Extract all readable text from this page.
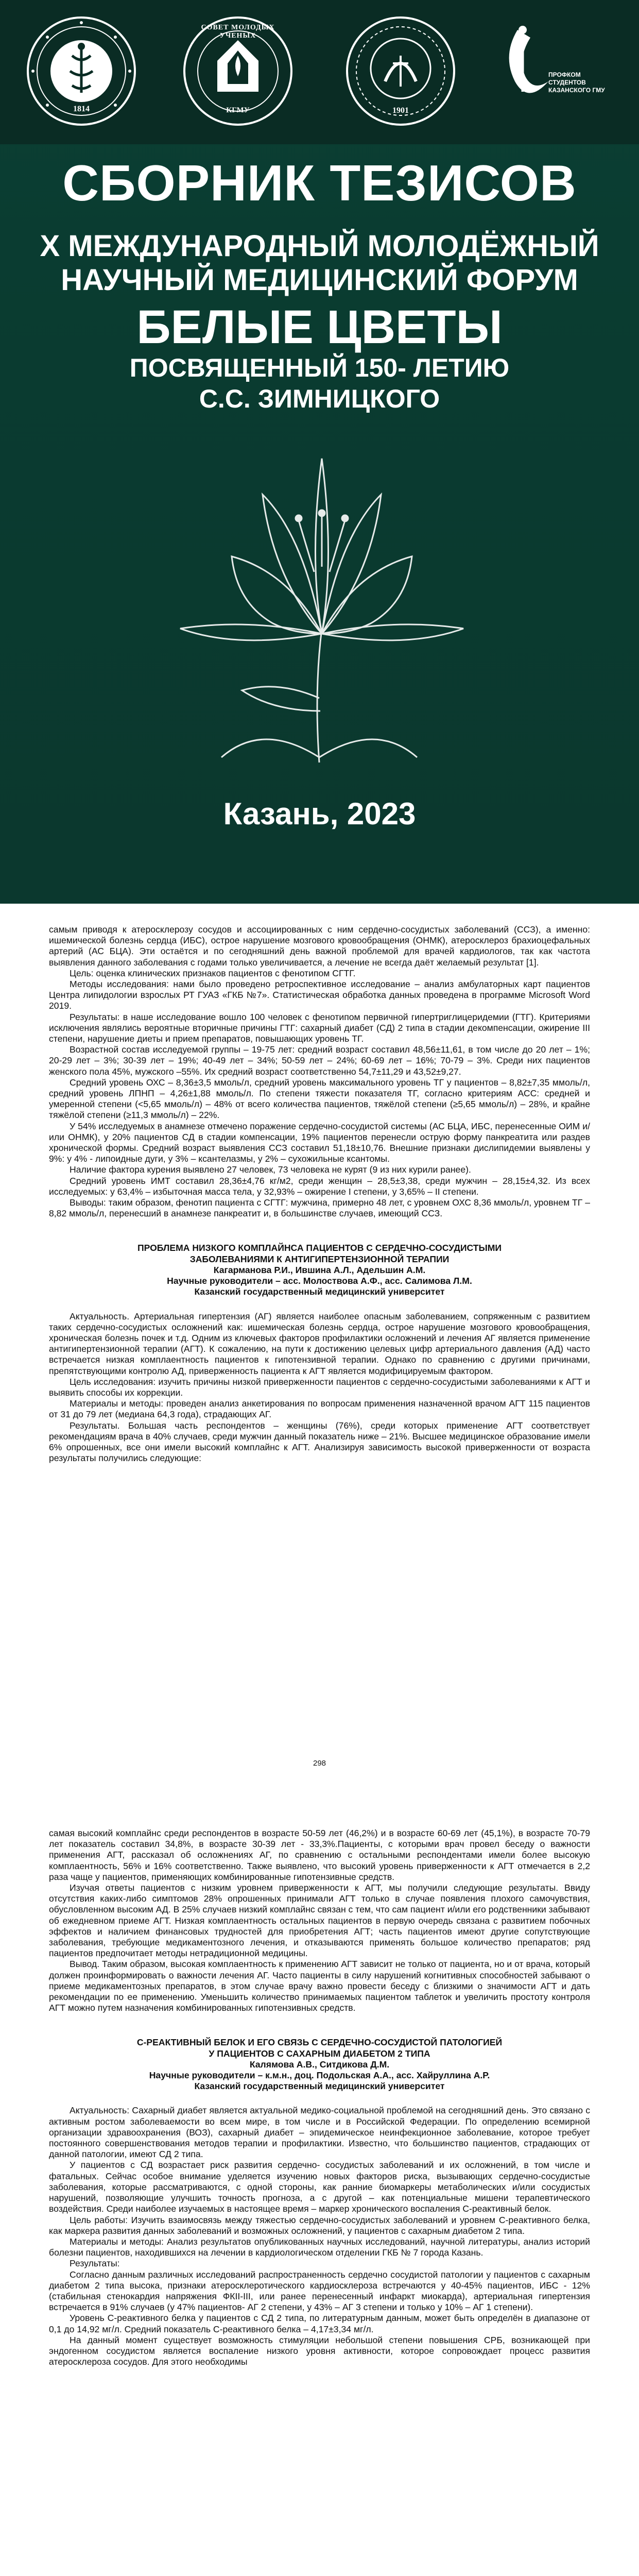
1814
СОВЕТ МОЛОДЫХ УЧЕНЫХ
КГМУ	1901
ПРОФКОМ СТУДЕНТОВ КАЗАНСКОГО ГМУ
СБОРНИК ТЕЗИСОВ
X МЕЖДУНАРОДНЫЙ МОЛОДЁЖНЫЙ
НАУЧНЫЙ МЕДИЦИНСКИЙ ФОРУМ
БЕЛЫЕ ЦВЕТЫ
ПОСВЯЩЕННЫЙ 150- ЛЕТИЮ
С.С. ЗИМНИЦКОГО
Казань, 2023

самым приводя к атеросклерозу сосудов и ассоциированных с ним сердечно-сосудистых заболеваний (ССЗ), а именно: ишемической болезнь сердца (ИБС), острое нарушение мозгового кровообращения (ОНМК), атеросклероз брахиоцефальных артерий (АС БЦА). Эти остаётся и по сегодняшний день важной проблемой для врачей кардиологов, так как частота выявления данного заболевания с годами только увеличивается, а лечение не всегда даёт желаемый результат [1].

Цель: оценка клинических признаков пациентов с фенотипом СГТГ.

Методы исследования: нами было проведено ретроспективное исследование – анализ амбулаторных карт пациентов Центра липидологии взрослых РТ ГУАЗ «ГКБ №7». Статистическая обработка данных проведена в программе Microsoft Word 2019.

Результаты: в наше исследование вошло 100 человек с фенотипом первичной гипертриглицеридемии (ГТГ). Критериями исключения являлись вероятные вторичные причины ГТГ: сахарный диабет (СД) 2 типа в стадии декомпенсации, ожирение III степени, нарушение диеты и прием препаратов, повышающих уровень ТГ.

Возрастной состав исследуемой группы – 19-75 лет: средний возраст составил 48,56±11,61, в том числе до 20 лет – 1%; 20-29 лет – 3%; 30-39 лет – 19%; 40-49 лет – 34%; 50-59 лет – 24%; 60-69 лет – 16%; 70-79 – 3%. Среди них пациентов женского пола 45%, мужского –55%. Их средний возраст соответственно 54,7±11,29 и 43,52±9,27.

Средний уровень ОХС – 8,36±3,5 ммоль/л, средний уровень максимального уровень ТГ у пациентов – 8,82±7,35 ммоль/л, средний уровень ЛПНП – 4,26±1,88 ммоль/л. По степени тяжести показателя ТГ, согласно критериям АСС: средней и умеренной степени (<5,65 ммоль/л) – 48% от всего количества пациентов, тяжёлой степени (≥5,65 ммоль/л) – 28%, и крайне тяжёлой степени (≥11,3 ммоль/л) – 22%.

У 54% исследуемых в анамнезе отмечено поражение сердечно-сосудистой системы (АС БЦА, ИБС, перенесенные ОИМ и/или ОНМК), у 20% пациентов СД в стадии компенсации, 19% пациентов перенесли острую форму панкреатита или раздев хронической формы. Средний возраст выявления ССЗ составил 51,18±10,76. Внешние признаки дислипидемии выявлены у 9%: у 4% - липоидные дуги, у 3% – ксантелазмы, у 2% – сухожильные ксантомы.

Наличие фактора курения выявлено 27 человек, 73 человека не курят (9 из них курили ранее).

Средний уровень ИМТ составил 28,36±4,76 кг/м2, среди женщин – 28,5±3,38, среди мужчин – 28,15±4,32. Из всех исследуемых: у 63,4% – избыточная масса тела, у 32,93% – ожирение I степени, у 3,65% – II степени.

Выводы: таким образом, фенотип пациента с СГТГ: мужчина, примерно 48 лет, с уровнем ОХС 8,36 ммоль/л, уровнем ТГ – 8,82 ммоль/л, перенесший в анамнезе панкреатит и, в большинстве случаев, имеющий ССЗ.

ПРОБЛЕМА НИЗКОГО КОМПЛАЙНСА ПАЦИЕНТОВ С СЕРДЕЧНО-СОСУДИСТЫМИ

ЗАБОЛЕВАНИЯМИ К АНТИГИПЕРТЕНЗИОННОЙ ТЕРАПИИ

Кагарманова Р.И., Ившина А.Л., Адельшин А.М.

Научные руководители – асс. Молоствова А.Ф., асс. Салимова Л.М.

Казанский государственный медицинский университет

Актуальность. Артериальная гипертензия (АГ) является наиболее опасным заболеванием, сопряженным с развитием таких сердечно-сосудистых осложнений как: ишемическая болезнь сердца, острое нарушение мозгового кровообращения, хроническая болезнь почек и т.д. Одним из ключевых факторов профилактики осложнений и лечения АГ является применение антигипертензионной терапии (АГТ). К сожалению, на пути к достижению целевых цифр артериального давления (АД) часто встречается низкая комплаентность пациентов к гипотензивной терапии. Однако по сравнению с другими причинами, препятствующими контролю АД, приверженность пациента к АГТ является модифицируемым фактором.

Цель исследования: изучить причины низкой приверженности пациентов с сердечно-сосудистыми заболеваниями к АГТ и выявить способы их коррекции.

Материалы и методы: проведен анализ анкетирования по вопросам применения назначенной врачом АГТ 115 пациентов от 31 до 79 лет (медиана 64,3 года), страдающих АГ.

Результаты. Большая часть респондентов – женщины (76%), среди которых применение АГТ соответствует рекомендациям врача в 40% случаев, среди мужчин данный показатель ниже – 21%. Высшее медицинское образование имели 6% опрошенных, все они имели высокий комплайнс к АГТ. Анализируя зависимость высокой приверженности от возраста результаты получились следующие:

298

самая высокий комплайнс среди респондентов в возрасте 50-59 лет (46,2%) и в возрасте 60-69 лет (45,1%), в возрасте 70-79 лет показатель составил 34,8%, в возрасте 30-39 лет - 33,3%.Пациенты, с которыми врач провел беседу о важности применения АГТ, рассказал об осложнениях АГ, по сравнению с остальными респондентами имели более высокую комплаентность, 56% и 16% соответственно. Также выявлено, что высокий уровень приверженности к АГТ отмечается в 2,2 раза чаще у пациентов, применяющих комбинированные гипотензивные средств.

Изучая ответы пациентов с низким уровнем приверженности к АГТ, мы получили следующие результаты. Ввиду отсутствия каких-либо симптомов 28% опрошенных принимали АГТ только в случае появления плохого самочувствия, обусловленном высоким АД. В 25% случаев низкий комплайнс связан с тем, что сам пациент и/или его родственники забывают об ежедневном приеме АГТ. Низкая комплаентность остальных пациентов в первую очередь связана с развитием побочных эффектов и наличием финансовых трудностей для приобретения АГТ; часть пациентов имеют другие сопутствующие заболевания, требующие медикаментозного лечения, и отказываются применять большое количество препаратов; ряд пациентов предпочитает методы нетрадиционной медицины.

Вывод. Таким образом, высокая комплаентность к применению АГТ зависит не только от пациента, но и от врача, который должен проинформировать о важности лечения АГ. Часто пациенты в силу нарушений когнитивных способностей забывают о приеме медикаментозных препаратов, в этом случае врачу важно провести беседу с близкими о значимости АГТ и дать рекомендации по ее применению. Уменьшить количество принимаемых пациентом таблеток и увеличить простоту контроля АГТ можно путем назначения комбинированных гипотензивных средств.

С-РЕАКТИВНЫЙ БЕЛОК И ЕГО СВЯЗЬ С СЕРДЕЧНО-СОСУДИСТОЙ ПАТОЛОГИЕЙ

У ПАЦИЕНТОВ С САХАРНЫМ ДИАБЕТОМ 2 ТИПА

Калямова А.В., Ситдикова Д.М.

Научные руководители – к.м.н., доц. Подольская А.А., асс. Хайруллина А.Р.

Казанский государственный медицинский университет

Актуальность: Сахарный диабет является актуальной медико-социальной проблемой на сегодняшний день. Это связано с активным ростом заболеваемости во всем мире, в том числе и в Российской Федерации. По определению всемирной организации здравоохранения (ВОЗ), сахарный диабет – эпидемическое неинфекционное заболевание, которое требует постоянного совершенствования методов терапии и профилактики. Известно, что большинство пациентов, страдающих от данной патологии, имеют СД 2 типа.

У пациентов с СД возрастает риск развития сердечно- сосудистых заболеваний и их осложнений, в том числе и фатальных. Сейчас особое внимание уделяется изучению новых факторов риска, вызывающих сердечно-сосудистые заболевания, которые рассматриваются, с одной стороны, как ранние биомаркеры метаболических и/или сосудистых нарушений, позволяющие улучшить точность прогноза, а с другой – как потенциальные мишени терапевтического воздействия. Среди наиболее изучаемых в настоящее время – маркер хронического воспаления С-реактивный белок.

Цель работы: Изучить взаимосвязь между тяжестью сердечно-сосудистых заболеваний и уровнем С-реактивного белка, как маркера развития данных заболеваний и возможных осложнений, у пациентов с сахарным диабетом 2 типа.

Материалы и методы: Анализ результатов опубликованных научных исследований, научной литературы, анализ историй болезни пациентов, находившихся на лечении в кардиологическом отделении ГКБ № 7 города Казань.

Результаты:

Согласно данным различных исследований распространенность сердечно сосудистой патологии у пациентов с сахарным диабетом 2 типа высока, признаки атеросклеротического кардиосклероза встречаются у 40-45% пациентов, ИБС - 12% (стабильная стенокардия напряжения ФКII-III, или ранее перенесенный инфаркт миокарда), артериальная гипертензия встречается в 91% случаев (у 47% пациентов- АГ 2 степени, у 43% – АГ 3 степени и только у 10% – АГ 1 степени).

Уровень С-реактивного белка у пациентов с СД 2 типа, по литературным данным, может быть определён в диапазоне от 0,1 до 14,92 мг/л. Средний показатель С-реактивного белка – 4,17±3,34 мг/л.

На данный момент существует возможность стимуляции небольшой степени повышения СРБ, возникающей при эндогенном сосудистом является воспаление низкого уровня активности, которое сопровождает процесс развития атеросклероза сосудов. Для этого необходимы
